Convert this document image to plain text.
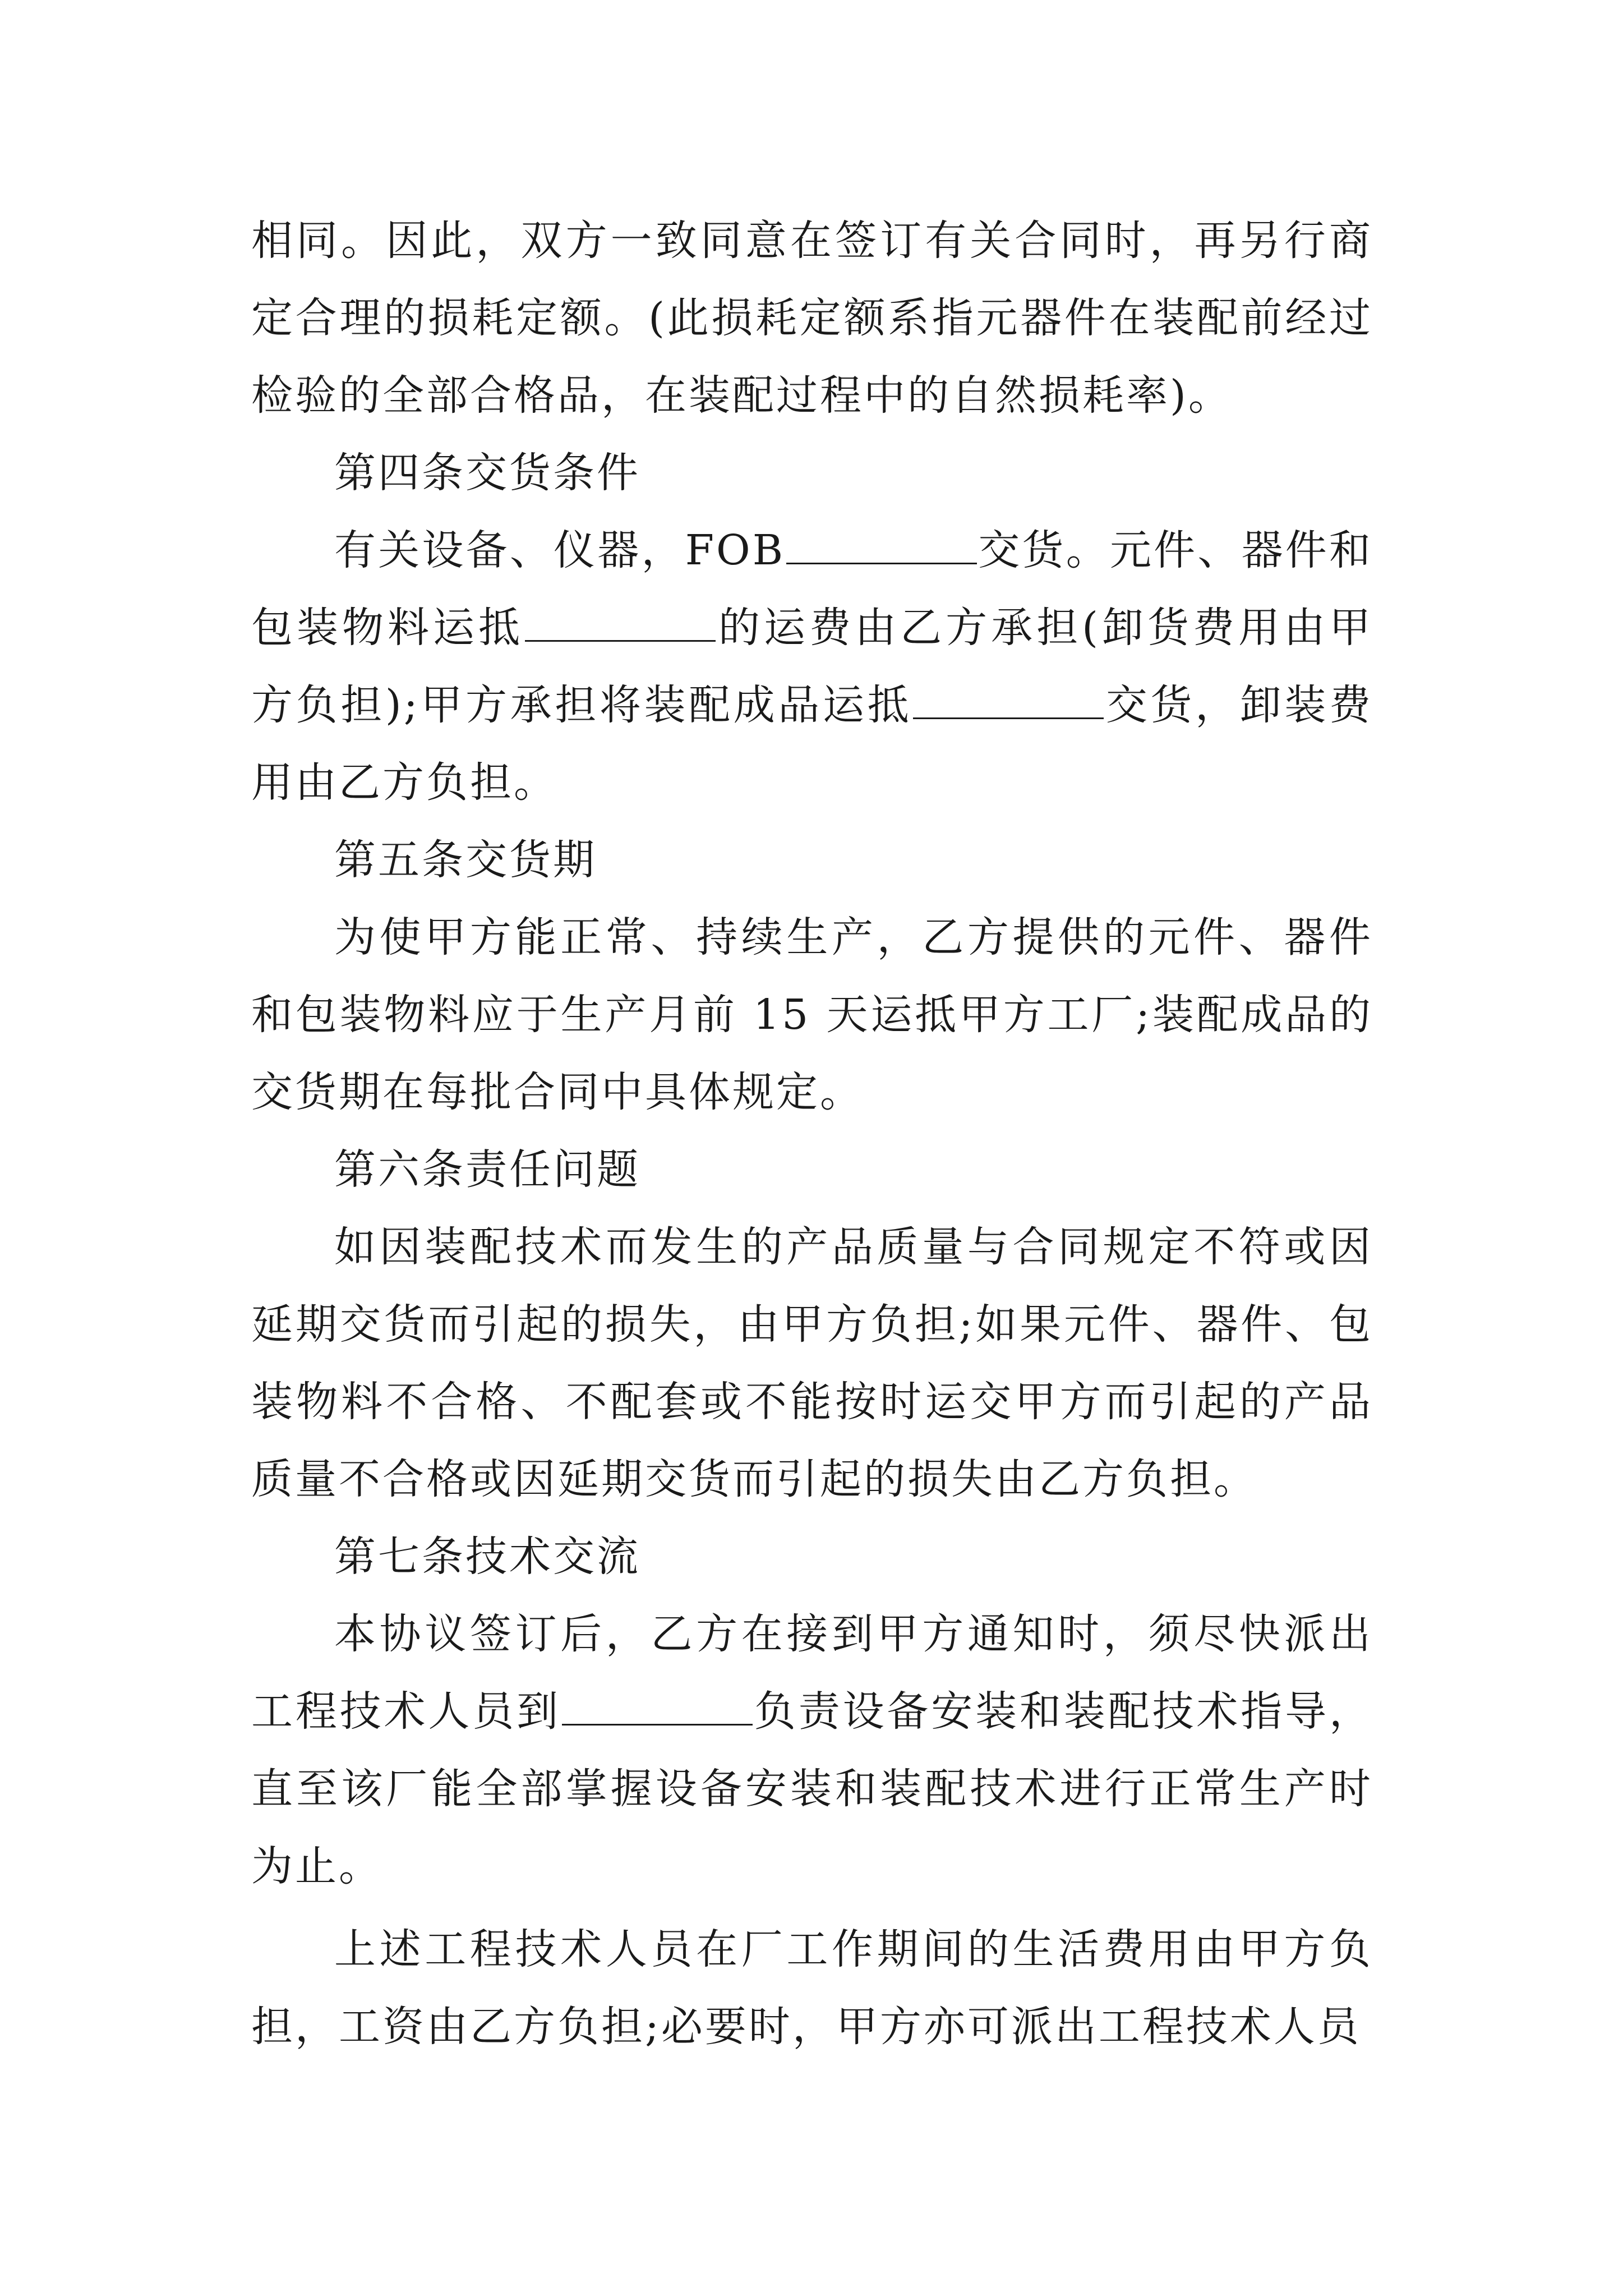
相同。因此，双方一致同意在签订有关合同时，再另行商定合理的损耗定额。(此损耗定额系指元器件在装配前经过检验的全部合格品，在装配过程中的自然损耗率)。

第四条交货条件

有关设备、仪器，FOB	交货。元件、器件和包装物料运抵	的运费由乙方承担(卸货费用由甲方负担);甲方承担将装配成品运抵	交货，卸装费用由乙方负担。

第五条交货期

为使甲方能正常、持续生产，乙方提供的元件、器件和包装物料应于生产月前 15 天运抵甲方工厂;装配成品的交货期在每批合同中具体规定。

第六条责任问题

如因装配技术而发生的产品质量与合同规定不符或因延期交货而引起的损失，由甲方负担;如果元件、器件、包装物料不合格、不配套或不能按时运交甲方而引起的产品质量不合格或因延期交货而引起的损失由乙方负担。

第七条技术交流

本协议签订后，乙方在接到甲方通知时，须尽快派出工程技术人员到	负责设备安装和装配技术指导，直至该厂能全部掌握设备安装和装配技术进行正常生产时为止。

上述工程技术人员在厂工作期间的生活费用由甲方负担，工资由乙方负担;必要时，甲方亦可派出工程技术人员
